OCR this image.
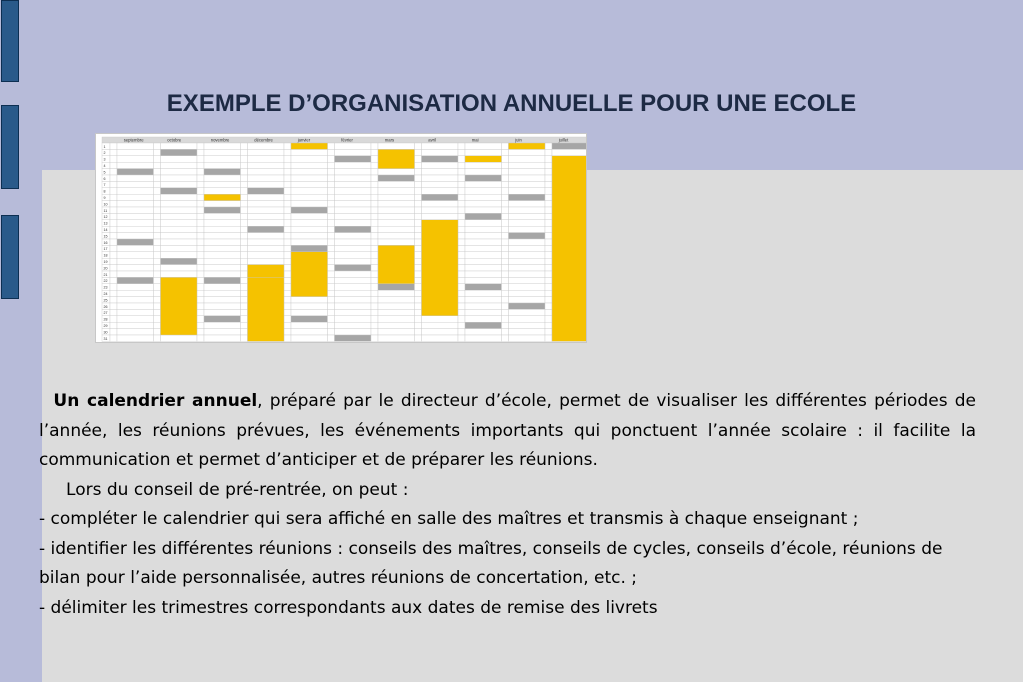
EXEMPLE D’ORGANISATION ANNUELLE POUR UNE ECOLE
septembre	octobre	novembre	décembre	janvier	février	mars	avril	mai	juin	juillet
1
2
3
4
5
6
7
8
9
10
11
12
13
14
15
16
17
18
19
20
21
22
23
24
25
26
27
28
29
30
31

Un calendrier annuel, préparé par le directeur d’école, permet de visualiser les différentes périodes de l’année, les réunions prévues, les événements importants qui ponctuent l’année scolaire : il facilite la communication et permet d’anticiper et de préparer les réunions.

Lors du conseil de pré-rentrée, on peut :

- compléter le calendrier qui sera affiché en salle des maîtres et transmis à chaque enseignant ;

- identifier les différentes réunions : conseils des maîtres, conseils de cycles, conseils d’école, réunions de bilan pour l’aide personnalisée, autres réunions de concertation, etc. ;

- délimiter les trimestres correspondants aux dates de remise des livrets
